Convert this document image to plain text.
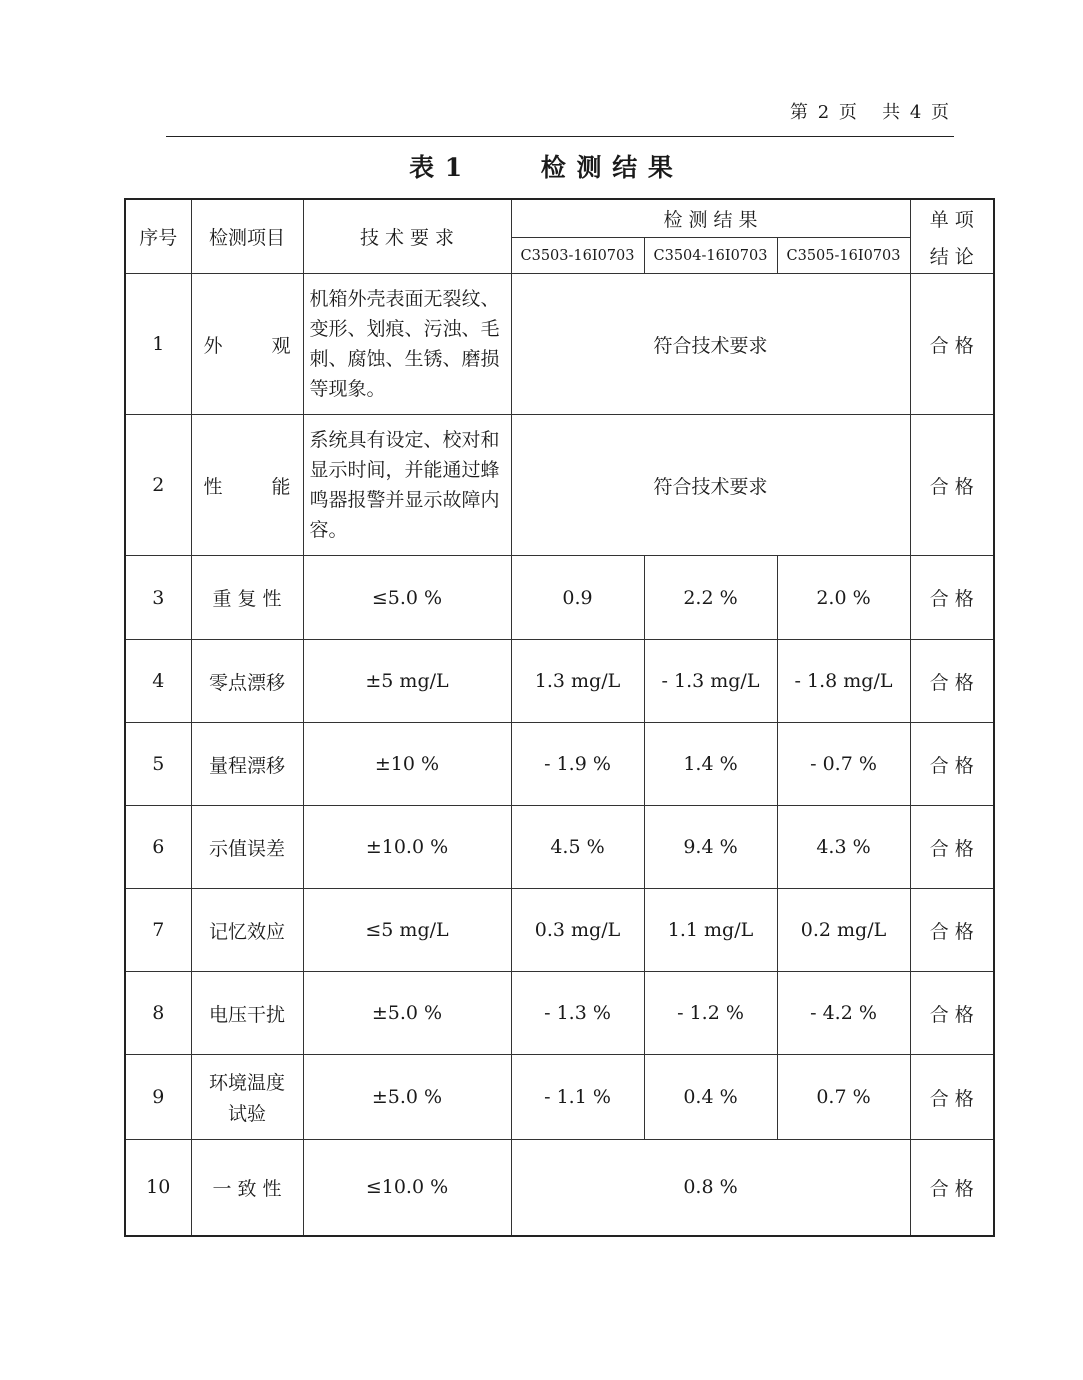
第 2 页   共 4 页
表 1        检 测 结 果
序号	检测项目	技 术 要 求	检 测 结 果			单 项
结 论

			C3503-16I0703	C3504-16I0703	C3505-16I0703	
1	外 观	机箱外壳表面无裂纹、变形、划痕、污浊、毛刺、腐蚀、生锈、磨损等现象。	符合技术要求			合 格
2	性 能	系统具有设定、校对和显示时间，并能通过蜂鸣器报警并显示故障内容。	符合技术要求			合 格
3	重 复 性	≤5.0 %	0.9	2.2 %	2.0 %	合 格
4	零点漂移	±5 mg/L	1.3 mg/L	- 1.3 mg/L	- 1.8 mg/L	合 格
5	量程漂移	±10 %	- 1.9 %	1.4 %	- 0.7 %	合 格
6	示值误差	±10.0 %	4.5 %	9.4 %	4.3 %	合 格
7	记忆效应	≤5 mg/L	0.3 mg/L	1.1 mg/L	0.2 mg/L	合 格
8	电压干扰	±5.0 %	- 1.3 %	- 1.2 %	- 4.2 %	合 格
9	环境温度
试验	±5.0 %	- 1.1 %	0.4 %	0.7 %	合 格
10	一 致 性	≤10.0 %	0.8 %			合 格
